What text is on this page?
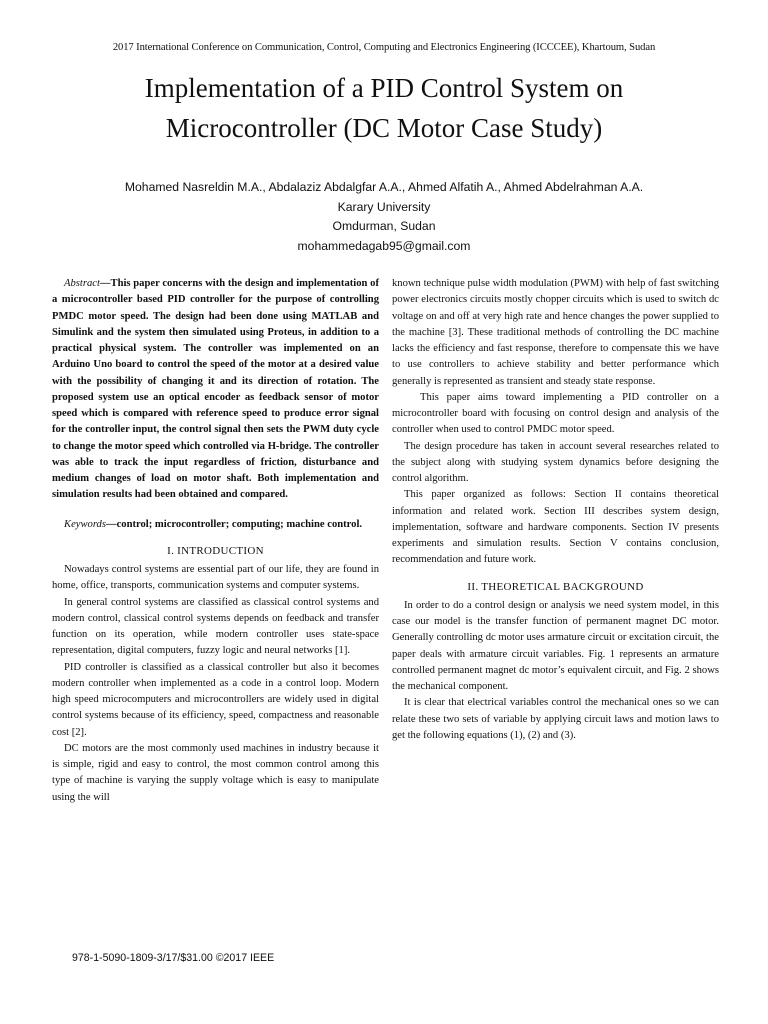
2017 International Conference on Communication, Control, Computing and Electronics Engineering (ICCCEE), Khartoum, Sudan
Implementation of a PID Control System on Microcontroller (DC Motor Case Study)
Mohamed Nasreldin M.A., Abdalaziz Abdalgfar A.A., Ahmed Alfatih A., Ahmed Abdelrahman A.A.
Karary University
Omdurman, Sudan
mohammedagab95@gmail.com

Abstract—This paper concerns with the design and implementation of a microcontroller based PID controller for the purpose of controlling PMDC motor speed. The design had been done using MATLAB and Simulink and the system then simulated using Proteus, in addition to a practical physical system. The controller was implemented on an Arduino Uno board to control the speed of the motor at a desired value with the possibility of changing it and its direction of rotation. The proposed system use an optical encoder as feedback sensor of motor speed which is compared with reference speed to produce error signal for the controller input, the control signal then sets the PWM duty cycle to change the motor speed which controlled via H-bridge. The controller was able to track the input regardless of friction, disturbance and medium changes of load on motor shaft. Both implementation and simulation results had been obtained and compared.

Keywords—control; microcontroller; computing; machine control.

I. INTRODUCTION

Nowadays control systems are essential part of our life, they are found in home, office, transports, communication systems and computer systems.

In general control systems are classified as classical control systems and modern control, classical control systems depends on feedback and transfer function on its operation, while modern controller uses state-space representation, digital computers, fuzzy logic and neural networks [1].

PID controller is classified as a classical controller but also it becomes modern controller when implemented as a code in a control loop. Modern high speed microcomputers and microcontrollers are widely used in digital control systems because of its efficiency, speed, compactness and reasonable cost [2].

DC motors are the most commonly used machines in industry because it is simple, rigid and easy to control, the most common control among this type of machine is varying the supply voltage which is easy to manipulate using the will

known technique pulse width modulation (PWM) with help of fast switching power electronics circuits mostly chopper circuits which is used to switch dc voltage on and off at very high rate and hence changes the power supplied to the machine [3]. These traditional methods of controlling the DC machine lacks the efficiency and fast response, therefore to compensate this we have to use controllers to achieve stability and better performance which generally is represented as transient and steady state response.

This paper aims toward implementing a PID controller on a microcontroller board with focusing on control design and analysis of the controller when used to control PMDC motor speed.

The design procedure has taken in account several researches related to the subject along with studying system dynamics before designing the control algorithm.

This paper organized as follows: Section II contains theoretical information and related work. Section III describes system design, implementation, software and hardware components. Section IV presents experiments and simulation results. Section V contains conclusion, recommendation and future work.

II. THEORETICAL BACKGROUND

In order to do a control design or analysis we need system model, in this case our model is the transfer function of permanent magnet DC motor. Generally controlling dc motor uses armature circuit or excitation circuit, the paper deals with armature circuit variables. Fig. 1 represents an armature controlled permanent magnet dc motor’s equivalent circuit, and Fig. 2 shows the mechanical component.

It is clear that electrical variables control the mechanical ones so we can relate these two sets of variable by applying circuit laws and motion laws to get the following equations (1), (2) and (3).

978-1-5090-1809-3/17/$31.00 ©2017 IEEE
